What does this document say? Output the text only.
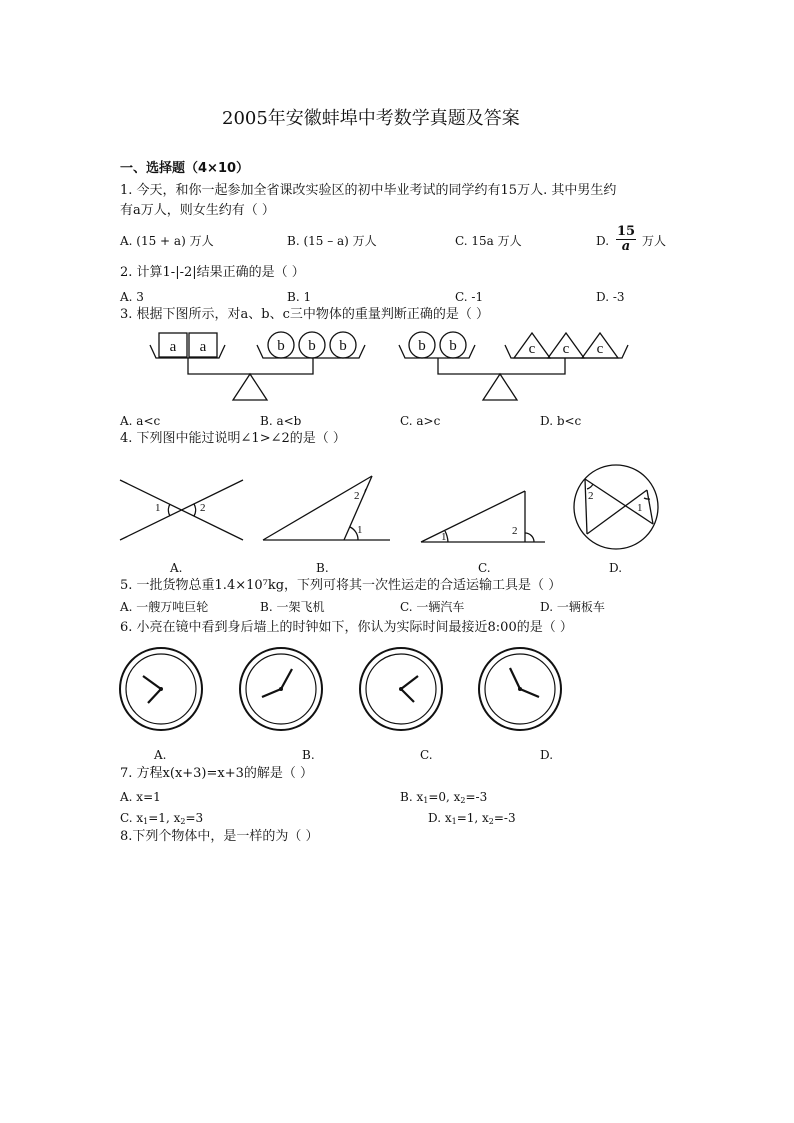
2005年安徽蚌埠中考数学真题及答案
一、选择题（4×10）
1. 今天，和你一起参加全省课改实验区的初中毕业考试的同学约有15万人. 其中男生约
有a万人，则女生约有（ ）
A. (15 + a) 万人	B. (15 – a) 万人	C. 15a 万人	D. $\frac{15}{a}$ 万人
2. 计算1-|-2|结果正确的是（ ）
A. 3	B. 1	C. -1	D. -3
3. 根据下图所示，对a、b、c三中物体的重量判断正确的是（ ）
a a	b b b	b b	c c c
A. a<c	B. a<b	C. a>c	D. b<c
4. 下列图中能过说明∠1>∠2的是（ ）
1	2
1
2
1	2
2
1
A.	B.	C.	D.
5. 一批货物总重1.4×10⁷kg，下列可将其一次性运走的合适运输工具是（ ）
A. 一艘万吨巨轮	B. 一架飞机	C. 一辆汽车	D. 一辆板车
6. 小亮在镜中看到身后墙上的时钟如下，你认为实际时间最接近8:00的是（ ）
A.	B.	C.	D.
7. 方程x(x+3)=x+3的解是（ ）
A. x=1	B. $x_1=0$, $x_2=-3$
C. $x_1=1$, $x_2=3$	D. $x_1=1$, $x_2=-3$
8.下列个物体中，是一样的为（ ）
